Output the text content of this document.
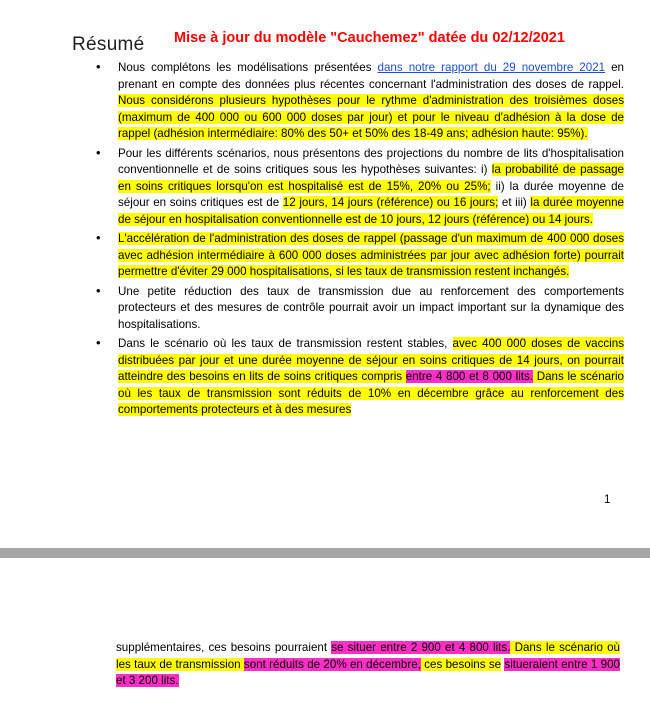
Résumé Mise à jour du modèle "Cauchemez" datée du 02/12/2021
• Nous complétons les modélisations présentées dans notre rapport du 29 novembre 2021 en prenant en compte des données plus récentes concernant l'administration des doses de rappel. Nous considérons plusieurs hypothèses pour le rythme d'administration des troisièmes doses (maximum de 400 000 ou 600 000 doses par jour) et pour le niveau d'adhésion à la dose de rappel (adhésion intermédiaire: 80% des 50+ et 50% des 18-49 ans; adhésion haute: 95%).
• Pour les différents scénarios, nous présentons des projections du nombre de lits d'hospitalisation conventionnelle et de soins critiques sous les hypothèses suivantes: i) la probabilité de passage en soins critiques lorsqu'on est hospitalisé est de 15%, 20% ou 25%; ii) la durée moyenne de séjour en soins critiques est de 12 jours, 14 jours (référence) ou 16 jours; et iii) la durée moyenne de séjour en hospitalisation conventionnelle est de 10 jours, 12 jours (référence) ou 14 jours.
• L'accélération de l'administration des doses de rappel (passage d'un maximum de 400 000 doses avec adhésion intermédiaire à 600 000 doses administrées par jour avec adhésion forte) pourrait permettre d'éviter 29 000 hospitalisations, si les taux de transmission restent inchangés.
• Une petite réduction des taux de transmission due au renforcement des comportements protecteurs et des mesures de contrôle pourrait avoir un impact important sur la dynamique des hospitalisations.
• Dans le scénario où les taux de transmission restent stables, avec 400 000 doses de vaccins distribuées par jour et une durée moyenne de séjour en soins critiques de 14 jours, on pourrait atteindre des besoins en lits de soins critiques compris entre 4 800 et 8 000 lits. Dans le scénario où les taux de transmission sont réduits de 10% en décembre grâce au renforcement des comportements protecteurs et à des mesures
1
supplémentaires, ces besoins pourraient se situer entre 2 900 et 4 800 lits. Dans le scénario où les taux de transmission sont réduits de 20% en décembre, ces besoins se situeraient entre 1 900 et 3 200 lits.
